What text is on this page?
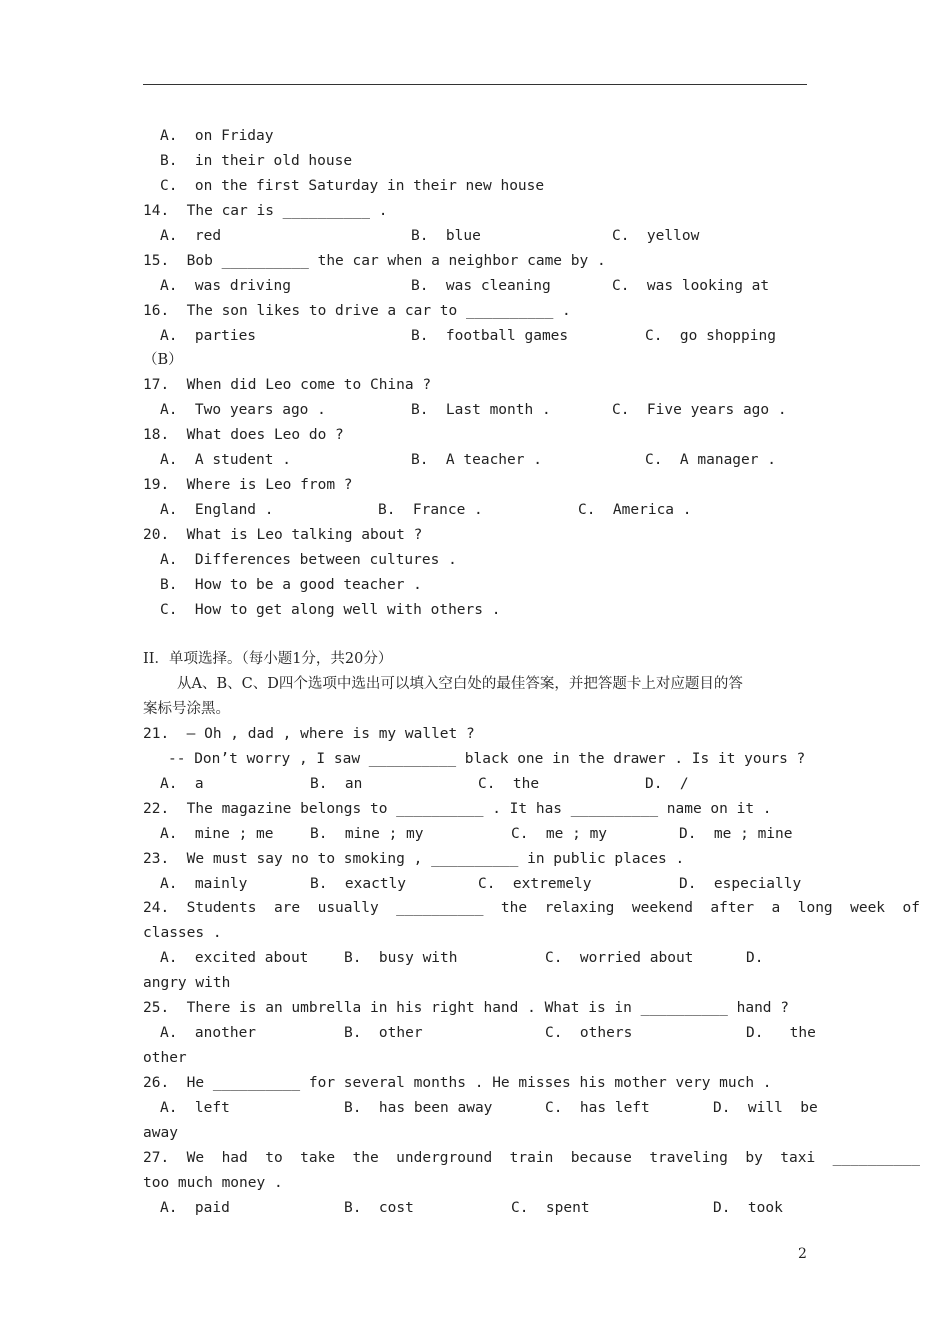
A.  on Friday
B.  in their old house
C.  on the first Saturday in their new house
14.  The car is __________ .
A.  red	B.  blue	C.  yellow
15.  Bob __________ the car when a neighbor came by .
A.  was driving	B.  was cleaning	C.  was looking at
16.  The son likes to drive a car to __________ .
A.  parties	B.  football games	C.  go shopping
（B）
17.  When did Leo come to China ?
A.  Two years ago .	B.  Last month .	C.  Five years ago .
18.  What does Leo do ?
A.  A student .	B.  A teacher .	C.  A manager .
19.  Where is Leo from ?
A.  England .	B.  France .	C.  America .
20.  What is Leo talking about ?
A.  Differences between cultures .
B.  How to be a good teacher .
C.  How to get along well with others .
21.  – Oh , dad , where is my wallet ?
-- Don’t worry , I saw __________ black one in the drawer . Is it yours ?
A.  a	B.  an	C.  the	D.  /
22.  The magazine belongs to __________ . It has __________ name on it .
A.  mine ; me	B.  mine ; my	C.  me ; my	D.  me ; mine
23.  We must say no to smoking , __________ in public places .
A.  mainly	B.  exactly	C.  extremely	D.  especially
24.  Students  are  usually  __________  the  relaxing  weekend  after  a  long  week  of
classes .
A.  excited about B.  busy with	C.  worried about	D.
angry with
25.  There is an umbrella in his right hand . What is in __________ hand ?
A.  another	B.  other	C.  others	D.   the
other
26.  He __________ for several months . He misses his mother very much .
A.  left	B.  has been away	C.  has left	D.  will  be
away
27.  We  had  to  take  the  underground  train  because  traveling  by  taxi  __________
too much money .
A.  paid	B.  cost	C.  spent	D.  took

II．单项选择。（每小题1分，共20分）

从A、B、C、D四个选项中选出可以填入空白处的最佳答案，并把答题卡上对应题目的答

案标号涂黑。

2
